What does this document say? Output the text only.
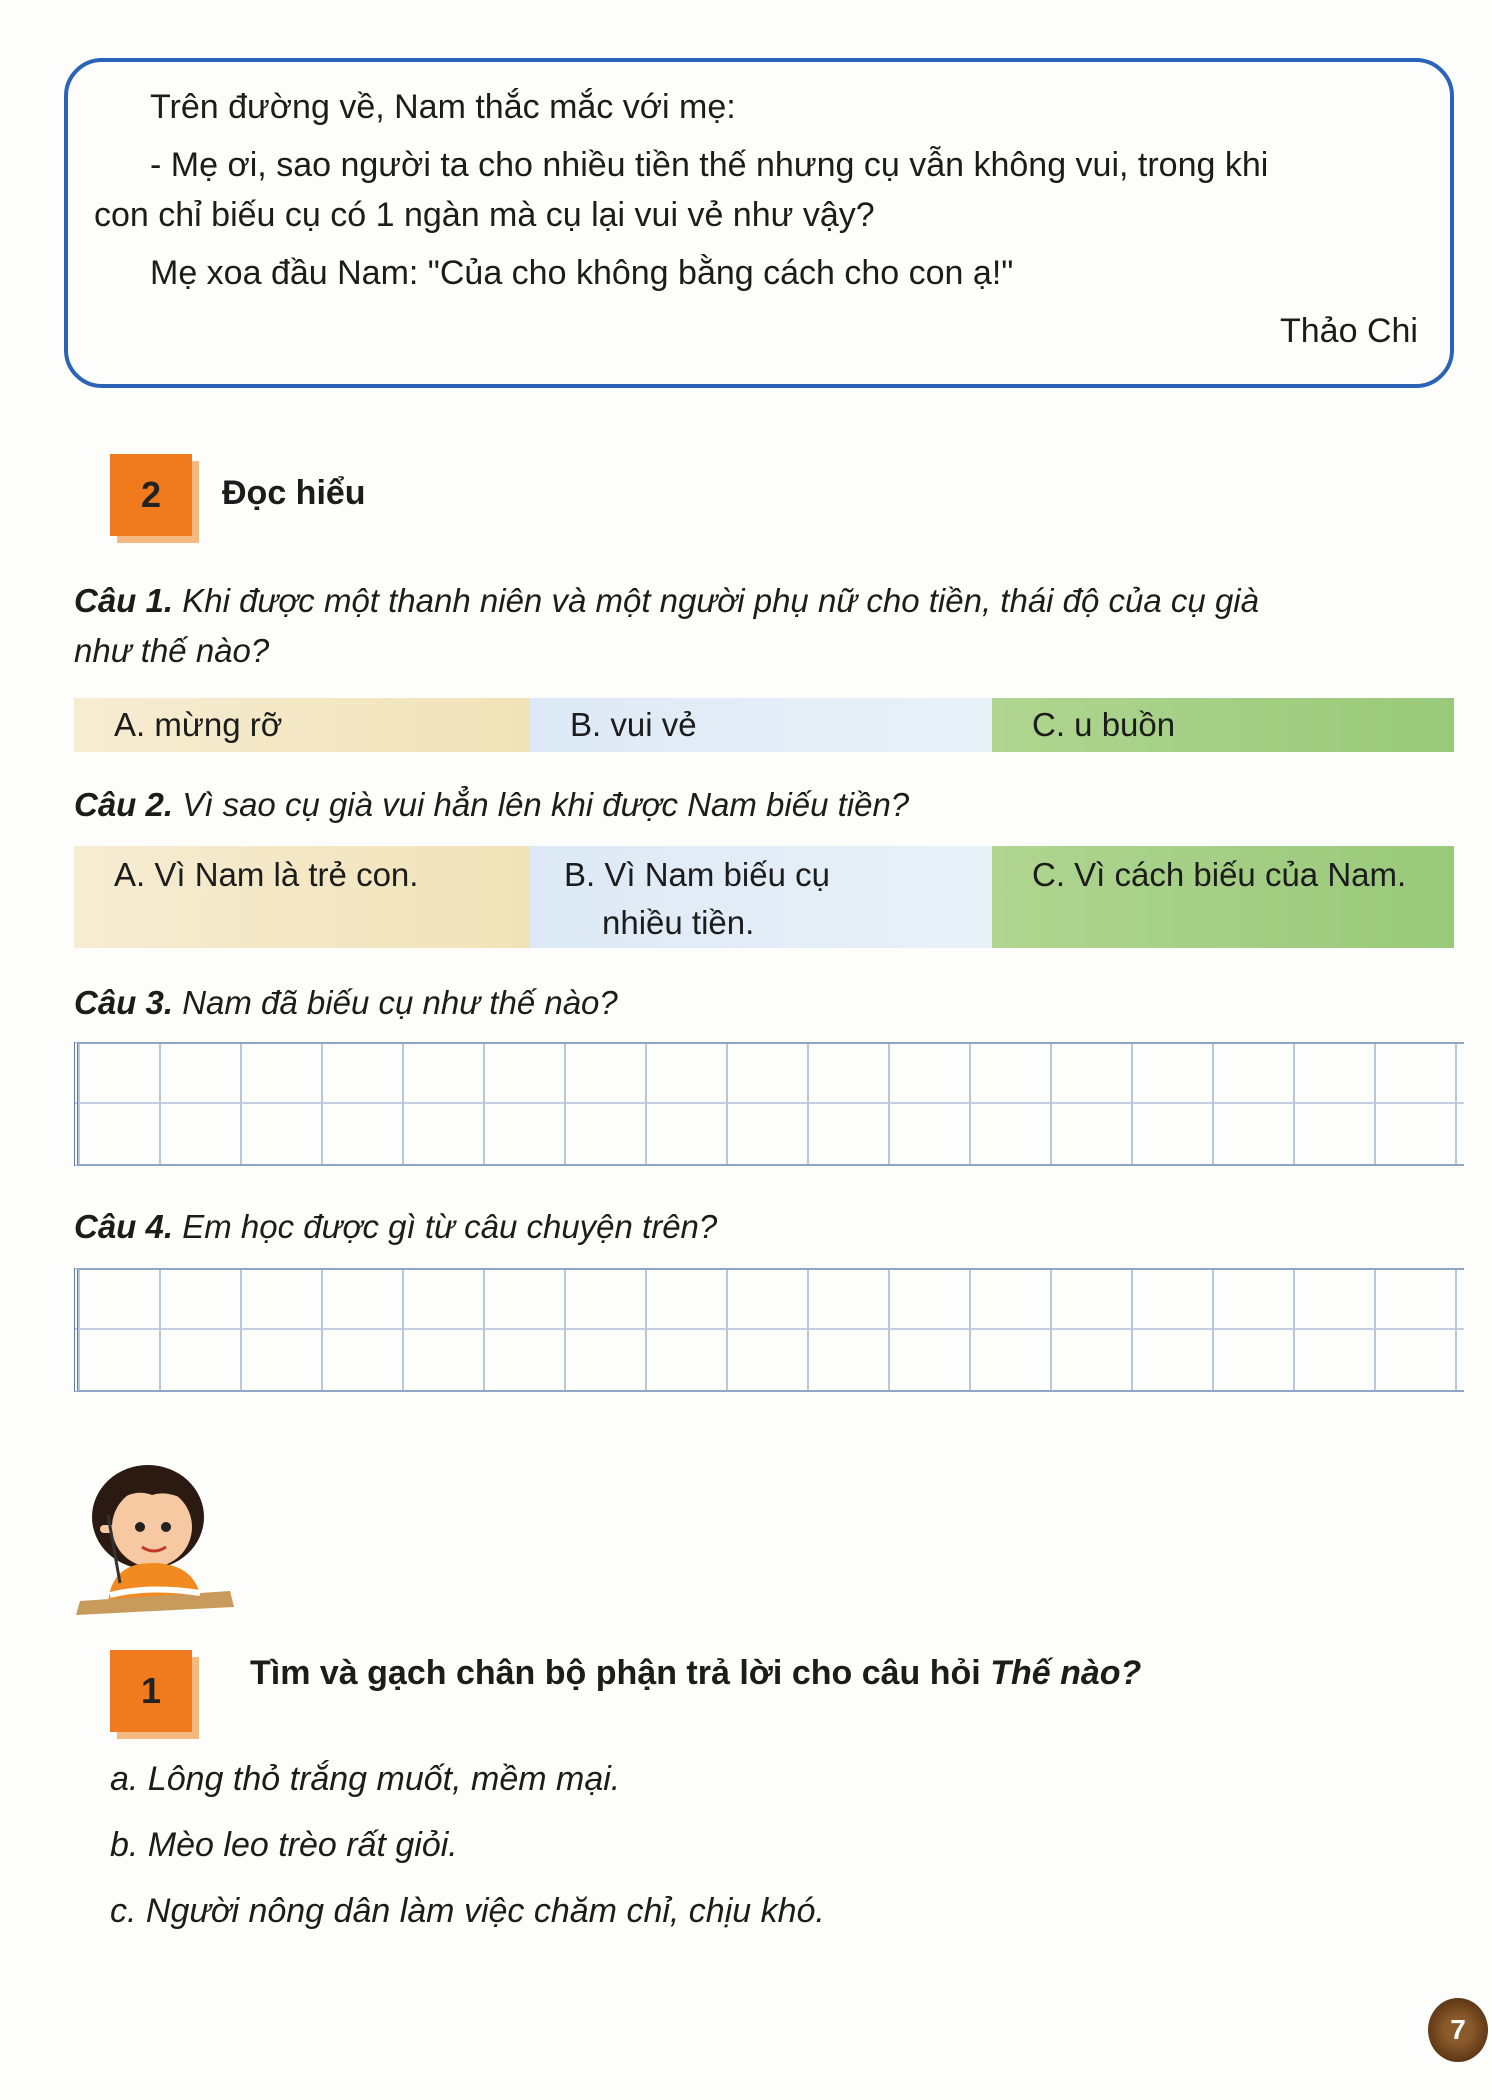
Trên đường về, Nam thắc mắc với mẹ:
- Mẹ ơi, sao người ta cho nhiều tiền thế nhưng cụ vẫn không vui, trong khi
con chỉ biếu cụ có 1 ngàn mà cụ lại vui vẻ như vậy?
Mẹ xoa đầu Nam: "Của cho không bằng cách cho con ạ!"
Thảo Chi
2	Đọc hiểu
Câu 1. Khi được một thanh niên và một người phụ nữ cho tiền, thái độ của cụ già
như thế nào?
A. mừng rỡ	B. vui vẻ	C. u buồn
Câu 2. Vì sao cụ già vui hẳn lên khi được Nam biếu tiền?
A. Vì Nam là trẻ con.	B. Vì Nam biếu cụ
nhiều tiền.
C. Vì cách biếu của Nam.
Câu 3. Nam đã biếu cụ như thế nào?
Câu 4. Em học được gì từ câu chuyện trên?
1	Tìm và gạch chân bộ phận trả lời cho câu hỏi Thế nào?
a. Lông thỏ trắng muốt, mềm mại.
b. Mèo leo trèo rất giỏi.
c. Người nông dân làm việc chăm chỉ, chịu khó.
7
